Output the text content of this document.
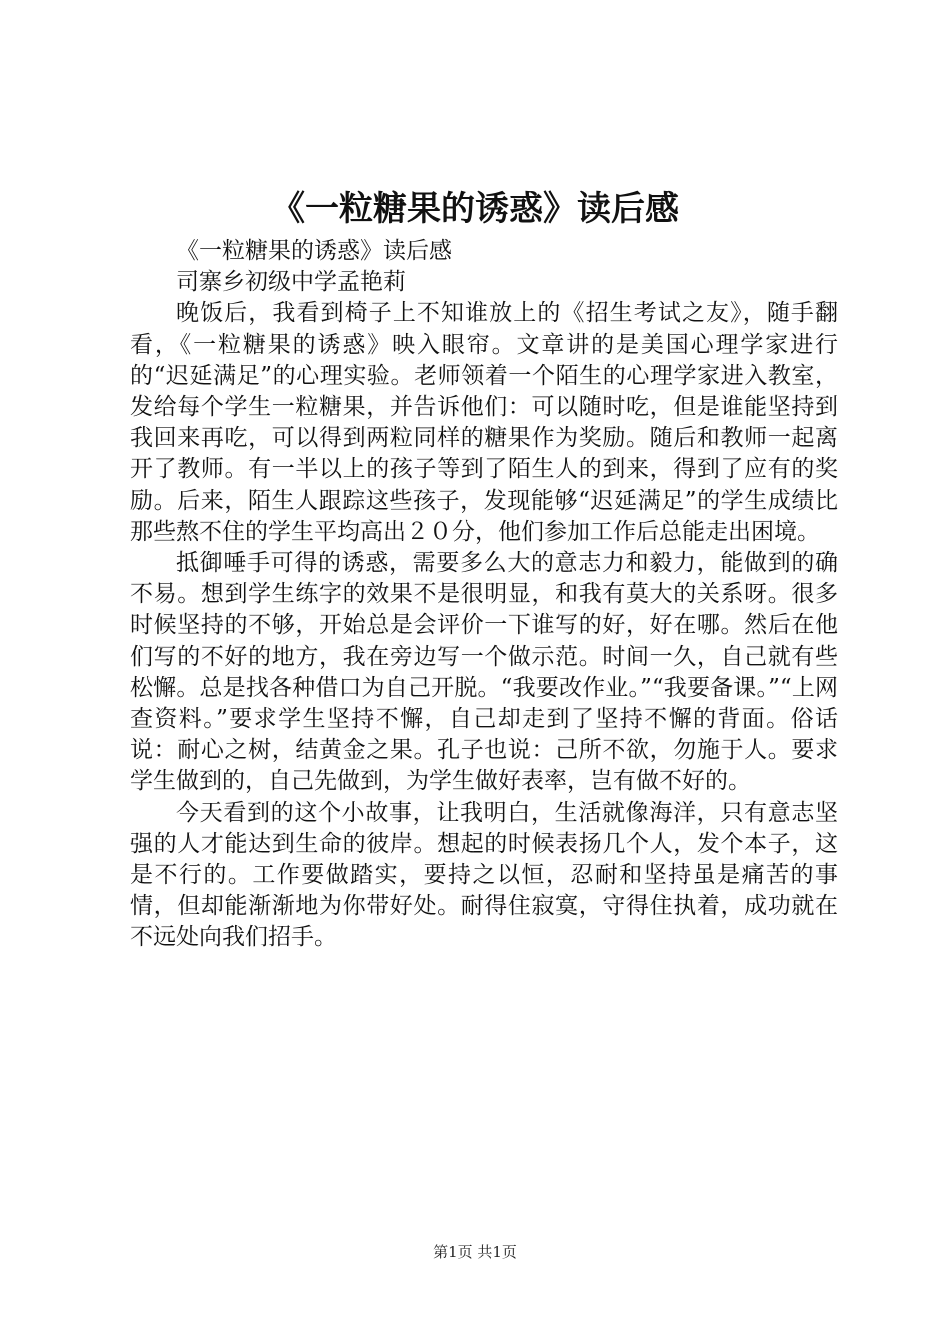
《一粒糖果的诱惑》读后感

《一粒糖果的诱惑》读后感

司寨乡初级中学孟艳莉

晚饭后，我看到椅子上不知谁放上的《招生考试之友》，随手翻看，《一粒糖果的诱惑》映入眼帘。文章讲的是美国心理学家进行的“迟延满足”的心理实验。老师领着一个陌生的心理学家进入教室，发给每个学生一粒糖果，并告诉他们：可以随时吃，但是谁能坚持到我回来再吃，可以得到两粒同样的糖果作为奖励。随后和教师一起离开了教师。有一半以上的孩子等到了陌生人的到来，得到了应有的奖励。后来，陌生人跟踪这些孩子，发现能够“迟延满足”的学生成绩比那些熬不住的学生平均高出２０分，他们参加工作后总能走出困境。

抵御唾手可得的诱惑，需要多么大的意志力和毅力，能做到的确不易。想到学生练字的效果不是很明显，和我有莫大的关系呀。很多时候坚持的不够，开始总是会评价一下谁写的好，好在哪。然后在他们写的不好的地方，我在旁边写一个做示范。时间一久，自己就有些松懈。总是找各种借口为自己开脱。“我要改作业。”“我要备课。”“上网查资料。”要求学生坚持不懈，自己却走到了坚持不懈的背面。俗话说：耐心之树，结黄金之果。孔子也说：己所不欲，勿施于人。要求学生做到的，自己先做到，为学生做好表率，岂有做不好的。

今天看到的这个小故事，让我明白，生活就像海洋，只有意志坚强的人才能达到生命的彼岸。想起的时候表扬几个人，发个本子，这是不行的。工作要做踏实，要持之以恒，忍耐和坚持虽是痛苦的事情，但却能渐渐地为你带好处。耐得住寂寞，守得住执着，成功就在不远处向我们招手。

第1页 共1页
